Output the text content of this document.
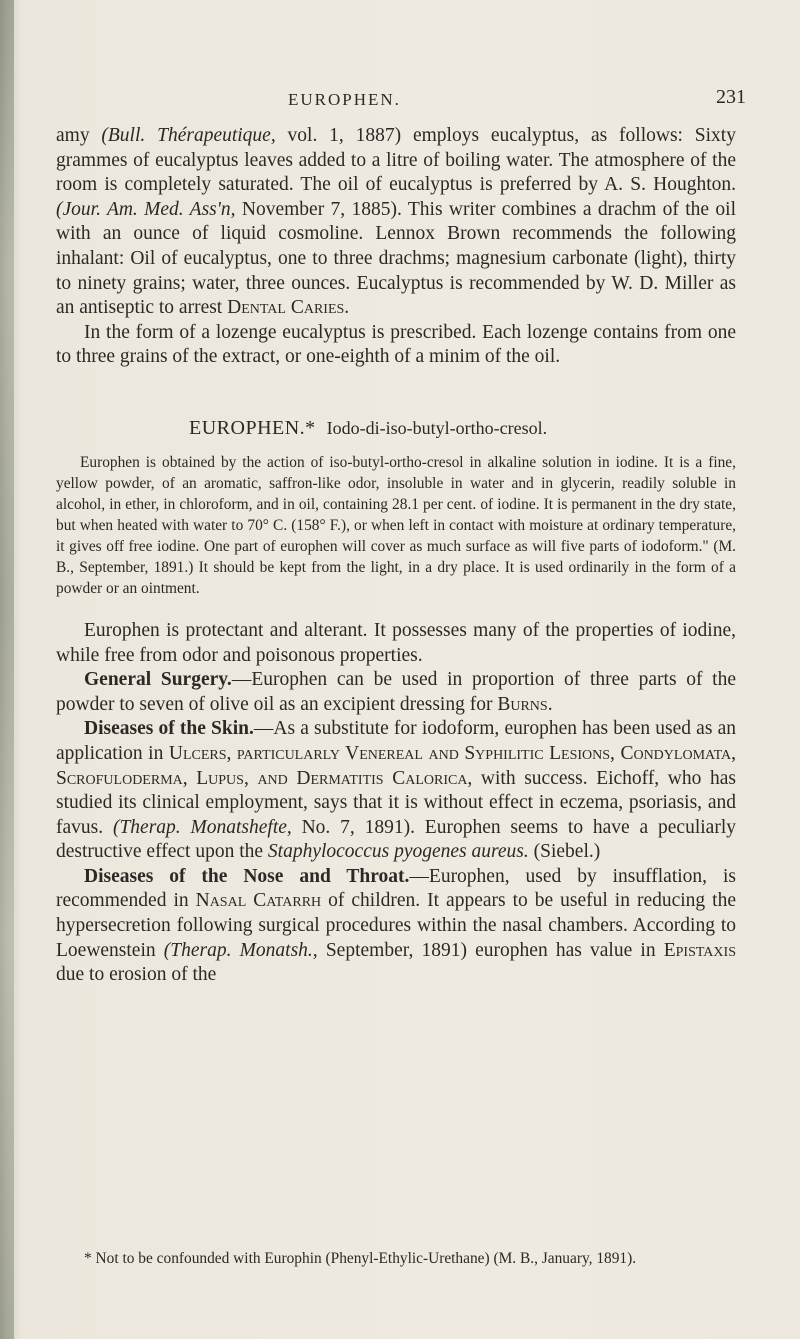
EUROPHEN.	231

amy (Bull. Thérapeutique, vol. 1, 1887) employs eucalyptus, as follows: Sixty grammes of eucalyptus leaves added to a litre of boiling water. The atmosphere of the room is completely saturated. The oil of eucalyptus is preferred by A. S. Houghton. (Jour. Am. Med. Ass'n, November 7, 1885). This writer combines a drachm of the oil with an ounce of liquid cosmoline. Lennox Brown recommends the following inhalant: Oil of eucalyptus, one to three drachms; magnesium carbonate (light), thirty to ninety grains; water, three ounces. Eucalyptus is recommended by W. D. Miller as an antiseptic to arrest Dental Caries.

In the form of a lozenge eucalyptus is prescribed. Each lozenge contains from one to three grains of the extract, or one-eighth of a minim of the oil.

EUROPHEN.* Iodo-di-iso-butyl-ortho-cresol.

Europhen is obtained by the action of iso-butyl-ortho-cresol in alkaline solution in iodine. It is a fine, yellow powder, of an aromatic, saffron-like odor, insoluble in water and in glycerin, readily soluble in alcohol, in ether, in chloroform, and in oil, containing 28.1 per cent. of iodine. It is permanent in the dry state, but when heated with water to 70° C. (158° F.), or when left in contact with moisture at ordinary temperature, it gives off free iodine. One part of europhen will cover as much surface as will five parts of iodoform." (M. B., September, 1891.) It should be kept from the light, in a dry place. It is used ordinarily in the form of a powder or an ointment.

Europhen is protectant and alterant. It possesses many of the properties of iodine, while free from odor and poisonous properties.

General Surgery.—Europhen can be used in proportion of three parts of the powder to seven of olive oil as an excipient dressing for Burns.

Diseases of the Skin.—As a substitute for iodoform, europhen has been used as an application in Ulcers, particularly Venereal and Syphilitic Lesions, Condylomata, Scrofuloderma, Lupus, and Dermatitis Calorica, with success. Eichoff, who has studied its clinical employment, says that it is without effect in eczema, psoriasis, and favus. (Therap. Monatshefte, No. 7, 1891). Europhen seems to have a peculiarly destructive effect upon the Staphylococcus pyogenes aureus. (Siebel.)

Diseases of the Nose and Throat.—Europhen, used by insufflation, is recommended in Nasal Catarrh of children. It appears to be useful in reducing the hypersecretion following surgical procedures within the nasal chambers. According to Loewenstein (Therap. Monatsh., September, 1891) europhen has value in Epistaxis due to erosion of the

* Not to be confounded with Europhin (Phenyl-Ethylic-Urethane) (M. B., January, 1891).
